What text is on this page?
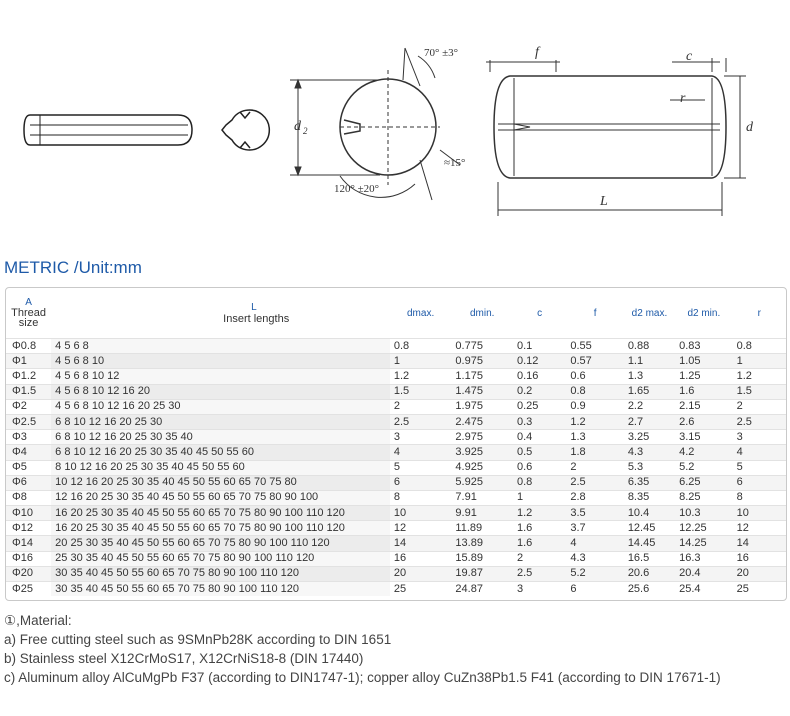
70° ±3°
120° ±20°
≈15°
d 2
f	c
r
d
L
METRIC /Unit:mm
A
Thread
size	L
Insert lengths	dmax.	dmin.	c	f	d2 max.	d2 min.	r
Φ0.8	4 5 6 8	0.8	0.775	0.1	0.55	0.88	0.83	0.8
Φ1	4 5 6 8 10	1	0.975	0.12	0.57	1.1	1.05	1
Φ1.2	4 5 6 8 10 12	1.2	1.175	0.16	0.6	1.3	1.25	1.2
Φ1.5	4 5 6 8 10 12 16 20	1.5	1.475	0.2	0.8	1.65	1.6	1.5
Φ2	4 5 6 8 10 12 16 20 25 30	2	1.975	0.25	0.9	2.2	2.15	2
Φ2.5	6 8 10 12 16 20 25 30	2.5	2.475	0.3	1.2	2.7	2.6	2.5
Φ3	6 8 10 12 16 20 25 30 35 40	3	2.975	0.4	1.3	3.25	3.15	3
Φ4	6 8 10 12 16 20 25 30 35 40 45 50 55 60	4	3.925	0.5	1.8	4.3	4.2	4
Φ5	8 10 12 16 20 25 30 35 40 45 50 55 60	5	4.925	0.6	2	5.3	5.2	5
Φ6	10 12 16 20 25 30 35 40 45 50 55 60 65 70 75 80	6	5.925	0.8	2.5	6.35	6.25	6
Φ8	12 16 20 25 30 35 40 45 50 55 60 65 70 75 80 90 100	8	7.91	1	2.8	8.35	8.25	8
Φ10	16 20 25 30 35 40 45 50 55 60 65 70 75 80 90 100 110 120	10	9.91	1.2	3.5	10.4	10.3	10
Φ12	16 20 25 30 35 40 45 50 55 60 65 70 75 80 90 100 110 120	12	11.89	1.6	3.7	12.45	12.25	12
Φ14	20 25 30 35 40 45 50 55 60 65 70 75 80 90 100 110 120	14	13.89	1.6	4	14.45	14.25	14
Φ16	25 30 35 40 45 50 55 60 65 70 75 80 90 100 110 120	16	15.89	2	4.3	16.5	16.3	16
Φ20	30 35 40 45 50 55 60 65 70 75 80 90 100 110 120	20	19.87	2.5	5.2	20.6	20.4	20
Φ25	30 35 40 45 50 55 60 65 70 75 80 90 100 110 120	25	24.87	3	6	25.6	25.4	25
①,Material:
a) Free cutting steel such as 9SMnPb28K according to DIN 1651
b) Stainless steel X12CrMoS17, X12CrNiS18-8 (DIN 17440)
c) Aluminum alloy AlCuMgPb F37 (according to DIN1747-1); copper alloy CuZn38Pb1.5 F41 (according to DIN 17671-1)
